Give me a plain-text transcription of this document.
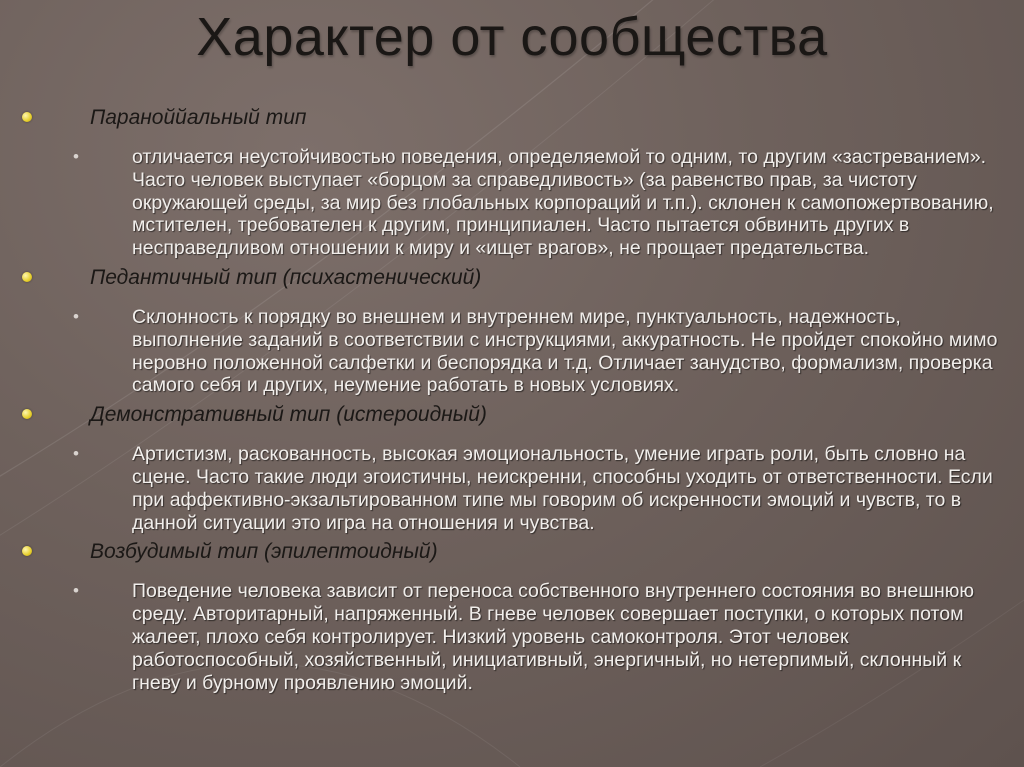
Характер от сообщества
Параноййальный тип
•	отличается неустойчивостью поведения, определяемой то одним, то другим «застреванием». Часто человек выступает «борцом за справедливость» (за равенство прав, за чистоту окружающей среды, за мир без глобальных корпораций и т.п.). склонен к самопожертвованию, мстителен, требователен к другим, принципиален. Часто пытается обвинить других в несправедливом отношении к миру и «ищет врагов», не прощает предательства.
Педантичный тип (психастенический)
•	Склонность к порядку во внешнем и внутреннем мире, пунктуальность, надежность, выполнение заданий в соответствии с инструкциями, аккуратность. Не пройдет спокойно мимо неровно положенной салфетки и беспорядка и т.д. Отличает занудство, формализм, проверка самого себя и других, неумение работать в новых условиях.
Демонстративный тип (истероидный)
•	Артистизм, раскованность, высокая эмоциональность, умение играть роли, быть словно на сцене. Часто такие люди эгоистичны, неискренни, способны уходить от ответственности. Если при аффективно-экзальтированном типе мы говорим об искренности эмоций и чувств, то в данной ситуации это игра на отношения и чувства.
Возбудимый тип (эпилептоидный)
•	Поведение человека зависит от переноса собственного внутреннего состояния во внешнюю среду. Авторитарный, напряженный. В гневе человек совершает поступки, о которых потом жалеет, плохо себя контролирует. Низкий уровень самоконтроля. Этот человек работоспособный, хозяйственный, инициативный, энергичный, но нетерпимый, склонный к гневу и бурному проявлению эмоций.
